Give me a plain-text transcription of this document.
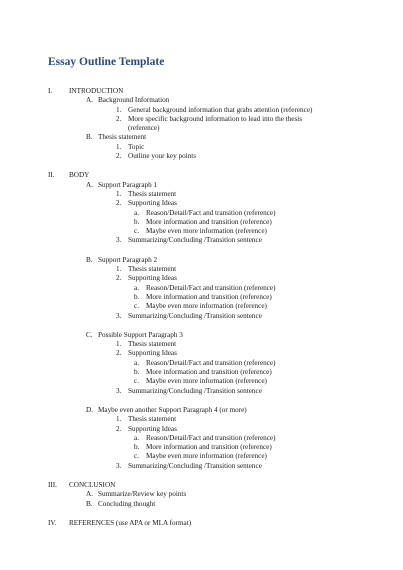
Essay Outline Template
I. INTRODUCTION
A. Background Information
1. General background information that grabs attention (reference)
2. More specific background information to lead into the thesis
(reference)
B. Thesis statement
1. Topic
2. Outline your key points
II. BODY
A. Support Paragraph 1
1. Thesis statement
2. Supporting Ideas
a. Reason/Detail/Fact and transition (reference)
b. More information and transition (reference)
c. Maybe even more information (reference)
3. Summarizing/Concluding /Transition sentence
B. Support Paragraph 2
1. Thesis statement
2. Supporting Ideas
a. Reason/Detail/Fact and transition (reference)
b. More information and transition (reference)
c. Maybe even more information (reference)
3. Summarizing/Concluding /Transition sentence
C. Possible Support Paragraph 3
1. Thesis statement
2. Supporting Ideas
a. Reason/Detail/Fact and transition (reference)
b. More information and transition (reference)
c. Maybe even more information (reference)
3. Summarizing/Concluding /Transition sentence
D. Maybe even another Support Paragraph 4 (or more)
1. Thesis statement
2. Supporting Ideas
a. Reason/Detail/Fact and transition (reference)
b. More information and transition (reference)
c. Maybe even more information (reference)
3. Summarizing/Concluding /Transition sentence
III. CONCLUSION
A. Summarize/Review key points
B. Concluding thought
IV. REFERENCES (use APA or MLA format)
